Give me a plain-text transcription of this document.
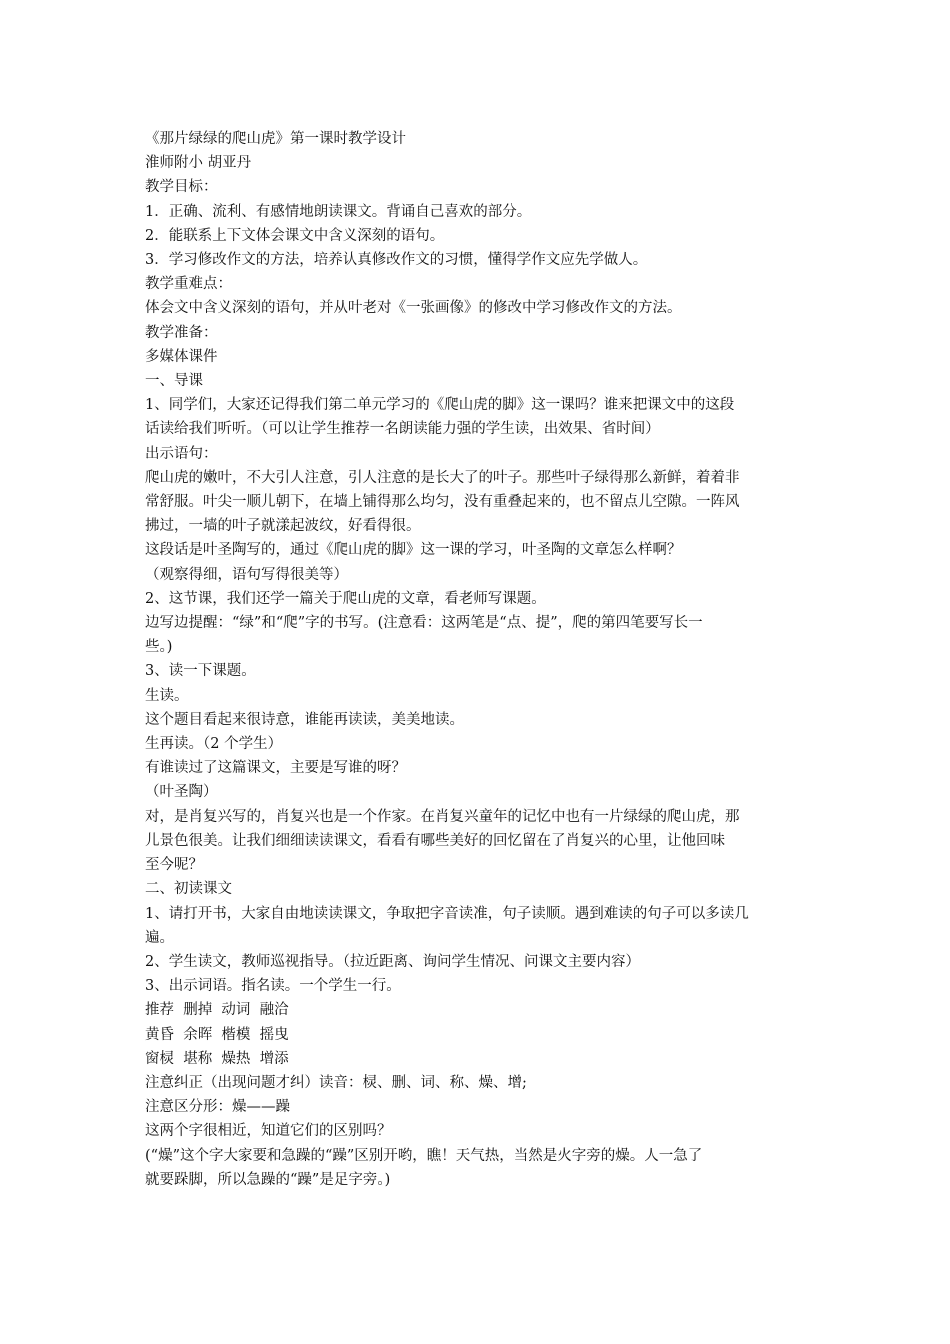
《那片绿绿的爬山虎》第一课时教学设计
淮师附小 胡亚丹
教学目标：
1．正确、流利、有感情地朗读课文。背诵自己喜欢的部分。
2．能联系上下文体会课文中含义深刻的语句。
3．学习修改作文的方法，培养认真修改作文的习惯，懂得学作文应先学做人。
教学重难点：
体会文中含义深刻的语句，并从叶老对《一张画像》的修改中学习修改作文的方法。
教学准备：
多媒体课件
一、导课
1、同学们，大家还记得我们第二单元学习的《爬山虎的脚》这一课吗？谁来把课文中的这段
话读给我们听听。（可以让学生推荐一名朗读能力强的学生读，出效果、省时间）
出示语句：
爬山虎的嫩叶，不大引人注意，引人注意的是长大了的叶子。那些叶子绿得那么新鲜，着着非
常舒服。叶尖一顺儿朝下，在墙上铺得那么均匀，没有重叠起来的，也不留点儿空隙。一阵风
拂过，一墙的叶子就漾起波纹，好看得很。
这段话是叶圣陶写的，通过《爬山虎的脚》这一课的学习，叶圣陶的文章怎么样啊？
（观察得细，语句写得很美等）
2、这节课，我们还学一篇关于爬山虎的文章，看老师写课题。
边写边提醒：“绿”和“爬”字的书写。(注意看：这两笔是“点、提”，爬的第四笔要写长一
些。)
3、读一下课题。
生读。
这个题目看起来很诗意，谁能再读读，美美地读。
生再读。（2 个学生）
有谁读过了这篇课文，主要是写谁的呀？
（叶圣陶）
对，是肖复兴写的，肖复兴也是一个作家。在肖复兴童年的记忆中也有一片绿绿的爬山虎，那
儿景色很美。让我们细细读读课文，看看有哪些美好的回忆留在了肖复兴的心里，让他回味
至今呢？
二、初读课文
1、请打开书，大家自由地读读课文，争取把字音读准，句子读顺。遇到难读的句子可以多读几
遍。
2、学生读文，教师巡视指导。（拉近距离、询问学生情况、问课文主要内容）
3、出示词语。指名读。一个学生一行。
推荐  删掉  动词  融洽
黄昏  余晖  楷模  摇曳
窗棂  堪称  燥热  增添
注意纠正（出现问题才纠）读音：棂、删、词、称、燥、增;
注意区分形：燥——躁
这两个字很相近，知道它们的区别吗？
(“燥”这个字大家要和急躁的“躁”区别开哟，瞧！天气热，当然是火字旁的燥。人一急了
就要跺脚，所以急躁的“躁”是足字旁。)
